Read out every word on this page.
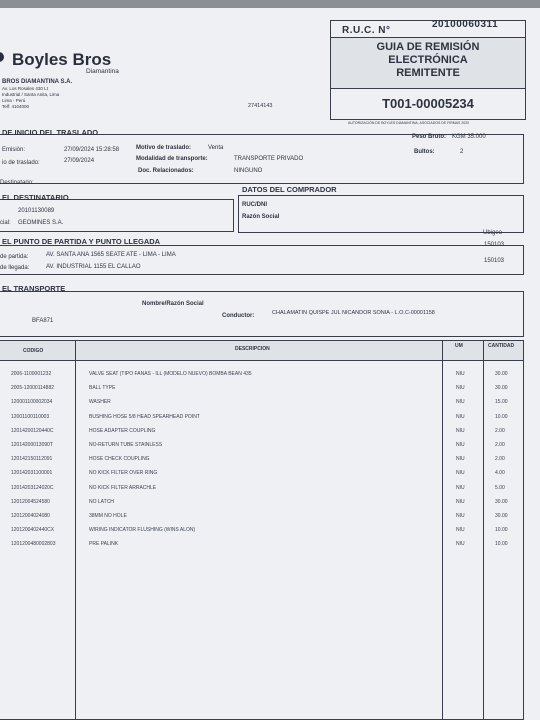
Boyles Bros
Diamantina
BROS DIAMANTINA S.A.
Av. Los Rosales 430 Lt
Industrial / Santa Anita, Lima
Lima - Perú
Telf: 4104000	27414143
R.U.C. N°
20100060311
GUIA DE REMISIÓN
ELECTRÓNICA
REMITENTE
T001-00005234
AUTORIZACIÓN DE BOYLES DIAMANTINA, ASOCIADOS DE FIRMAS 2020
DE INICIO DEL TRASLADO
Emisión:	27/09/2024 15:28:58
io de traslado:	27/09/2024
Motivo de traslado:	Venta
Modalidad de transporte:	TRANSPORTE PRIVADO
Doc. Relacionados:	NINGUNO
Peso Bruto: KGM 35.000
Bultos:	2
Destinatario:
EL DESTINATARIO
20101130089
cial: GEOMINES S.A.
DATOS DEL COMPRADOR
RUC/DNI
Razón Social
Ubigeo
EL PUNTO DE PARTIDA Y PUNTO LLEGADA
de partida:	AV. SANTA ANA 1565 SEATE ATE - LIMA - LIMA
de llegada:	AV. INDUSTRIAL 1155 EL CALLAO
150103
150103
EL TRANSPORTE
Nombre/Razón Social
BFA871
Conductor:	CHALAMATIN QUISPE JUL NICANDOR SONIA - L.O.C-00001158
CODIGO	DESCRIPCION	UM	CANTIDAD
2006-1100001232	VALVE SEAT (TIPO FANAS - ILL (MODELO NUEVO) BOMBA BEAN 435	NIU	30.00
2005-12000114882	BALL TYPE	NIU	30.00
120001100002034	WASHER	NIU	15.00
12001100110003	BUSHING HOSE 5/8 HEAD SPEARHEAD POINT	NIU	10.00
12014200120440C	HOSE ADAPTER COUPLING	NIU	2.00
12014200013090T	NO-RETURN TUBE STAINLESS	NIU	2.00
120142150112091	HOSE CHECK COUPLING	NIU	2.00
120142031100001	NO KICK FILTER OVER RING	NIU	4.00
12014203124020C	NO KICK FILTER ARRACHLE	NIU	5.00
12012004524580	NO LATCH	NIU	30.00
12012004024080	38MM NO HOLE	NIU	30.00
1201200402440CX	WIRING INDICATOR FLUSHING (WINS ALON)	NIU	10.00
1201200480002803	PRE PALINK	NIU	10.00
